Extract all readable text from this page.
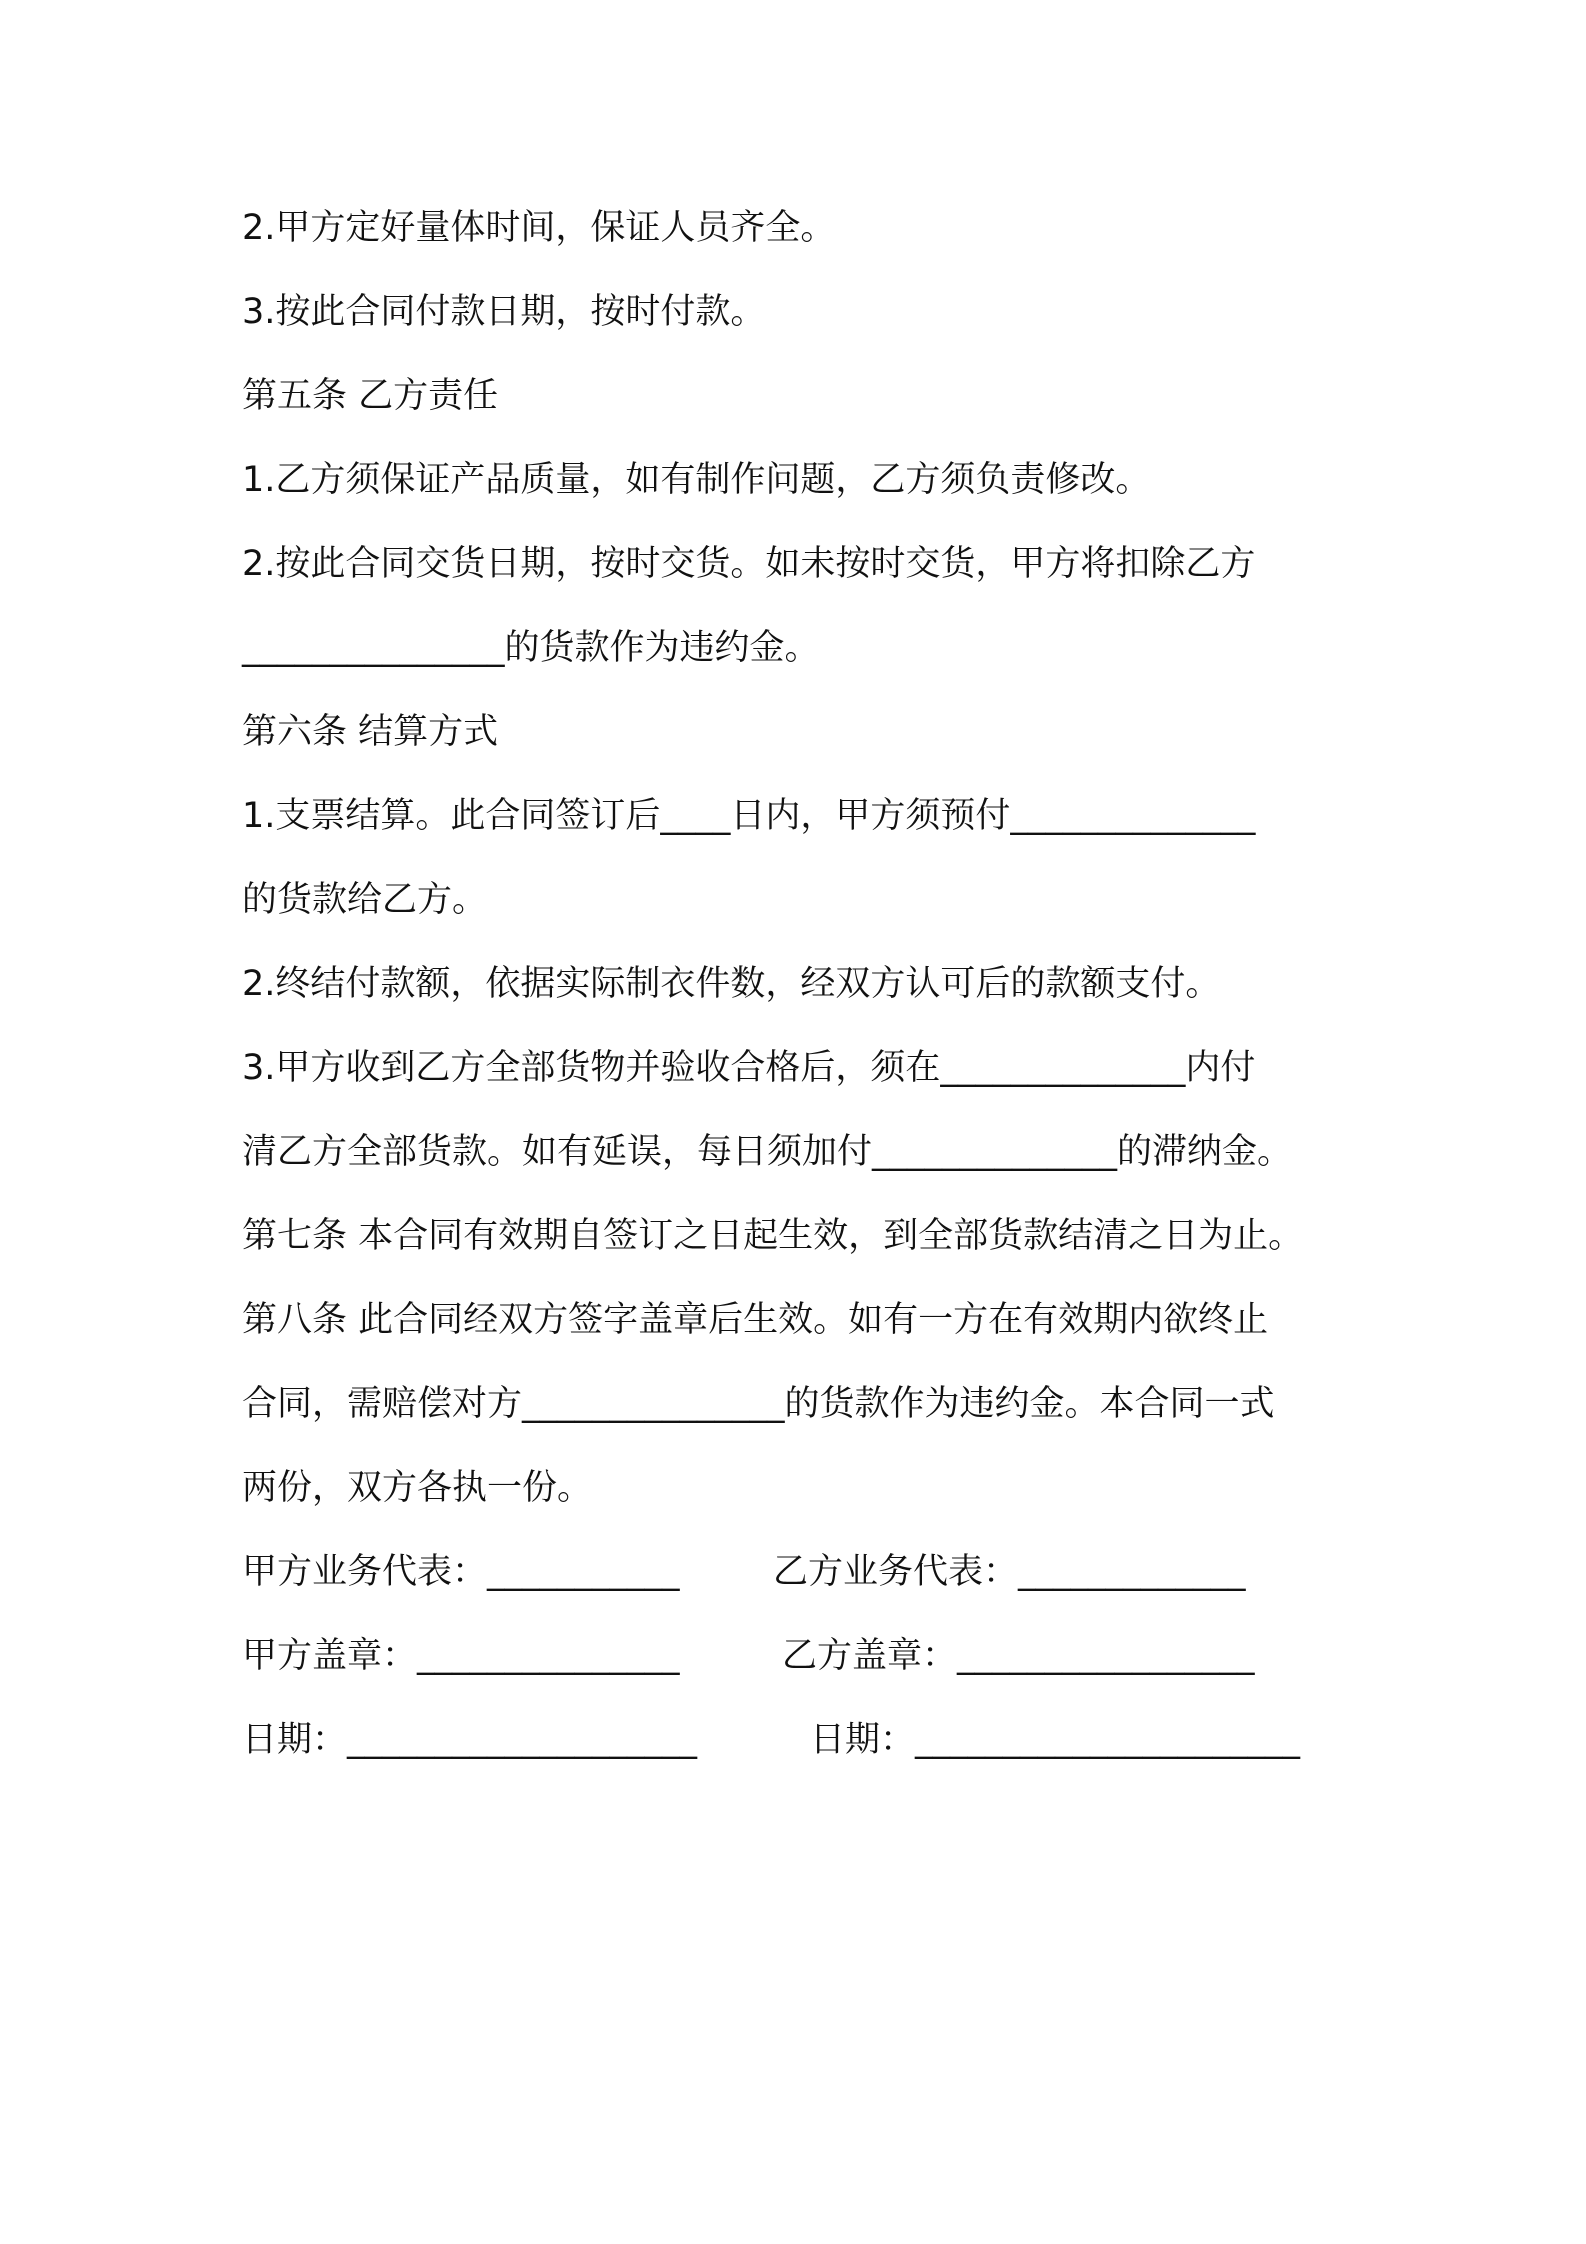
2.甲方定好量体时间，保证人员齐全。
3.按此合同付款日期，按时付款。
第五条 乙方责任
1.乙方须保证产品质量，如有制作问题，乙方须负责修改。
2.按此合同交货日期，按时交货。如未按时交货，甲方将扣除乙方
_______________的货款作为违约金。
第六条 结算方式
1.支票结算。此合同签订后____日内，甲方须预付______________
的货款给乙方。
2.终结付款额，依据实际制衣件数，经双方认可后的款额支付。
3.甲方收到乙方全部货物并验收合格后，须在______________内付
清乙方全部货款。如有延误，每日须加付______________的滞纳金。
第七条 本合同有效期自签订之日起生效，到全部货款结清之日为止。
第八条 此合同经双方签字盖章后生效。如有一方在有效期内欲终止
合同，需赔偿对方_______________的货款作为违约金。本合同一式
两份，双方各执一份。
甲方业务代表：___________	乙方业务代表：_____________
甲方盖章：_______________	乙方盖章：_________________
日期：____________________	日期：______________________
